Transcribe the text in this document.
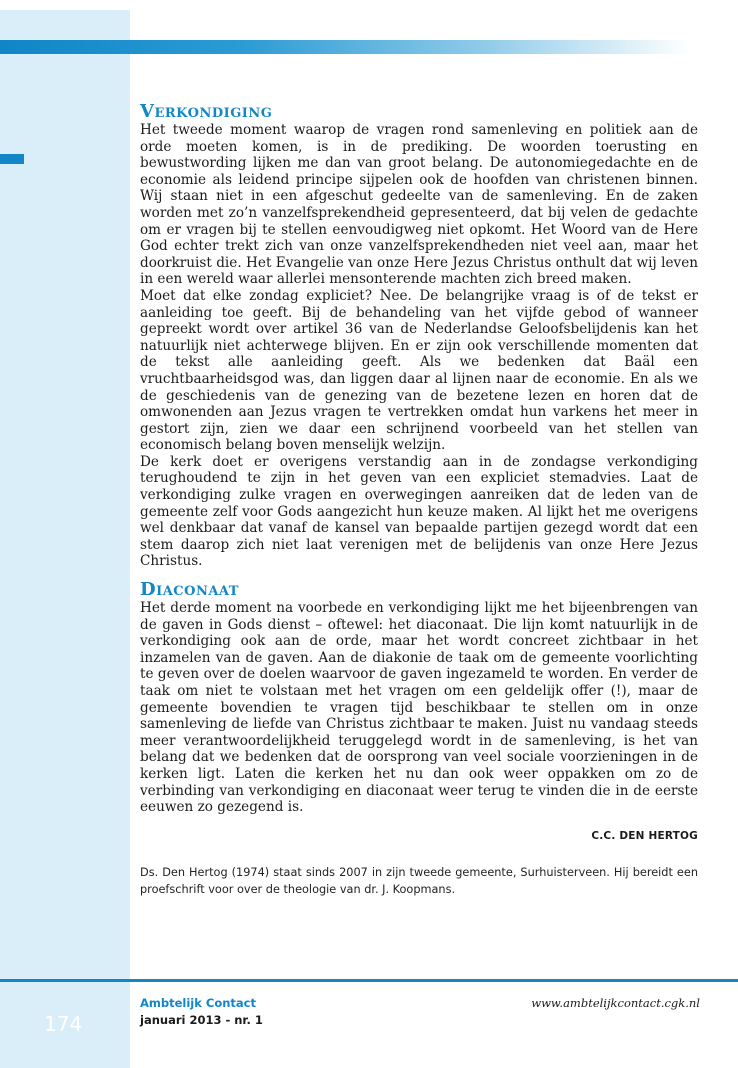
Verkondiging

Het tweede moment waarop de vragen rond samenleving en politiek aan de orde moeten komen, is in de prediking. De woorden toerusting en bewustwording lijken me dan van groot belang. De autonomiegedachte en de economie als leidend principe sijpelen ook de hoofden van christenen binnen. Wij staan niet in een afgeschut gedeelte van de samenleving. En de zaken worden met zo’n vanzelfsprekendheid gepresenteerd, dat bij velen de gedachte om er vragen bij te stellen eenvoudigweg niet opkomt. Het Woord van de Here God echter trekt zich van onze vanzelfsprekendheden niet veel aan, maar het doorkruist die. Het Evangelie van onze Here Jezus Christus onthult dat wij leven in een wereld waar allerlei mensonterende machten zich breed maken.

Moet dat elke zondag expliciet? Nee. De belangrijke vraag is of de tekst er aanleiding toe geeft. Bij de behandeling van het vijfde gebod of wanneer gepreekt wordt over artikel 36 van de Nederlandse Geloofsbelijdenis kan het natuurlijk niet achterwege blijven. En er zijn ook verschillende momenten dat de tekst alle aanleiding geeft. Als we bedenken dat Baäl een vruchtbaarheidsgod was, dan liggen daar al lijnen naar de economie. En als we de geschiedenis van de genezing van de bezetene lezen en horen dat de omwonenden aan Jezus vragen te vertrekken omdat hun varkens het meer in gestort zijn, zien we daar een schrijnend voorbeeld van het stellen van economisch belang boven menselijk welzijn.

De kerk doet er overigens verstandig aan in de zondagse verkondiging terughoudend te zijn in het geven van een expliciet stemadvies. Laat de verkondiging zulke vragen en overwegingen aanreiken dat de leden van de gemeente zelf voor Gods aangezicht hun keuze maken. Al lijkt het me overigens wel denkbaar dat vanaf de kansel van bepaalde partijen gezegd wordt dat een stem daarop zich niet laat verenigen met de belijdenis van onze Here Jezus Christus.

Diaconaat

Het derde moment na voorbede en verkondiging lijkt me het bijeenbrengen van de gaven in Gods dienst – oftewel: het diaconaat. Die lijn komt natuurlijk in de verkondiging ook aan de orde, maar het wordt concreet zichtbaar in het inzamelen van de gaven. Aan de diakonie de taak om de gemeente voorlichting te geven over de doelen waarvoor de gaven ingezameld te worden. En verder de taak om niet te volstaan met het vragen om een geldelijk offer (!), maar de gemeente bovendien te vragen tijd beschikbaar te stellen om in onze samenleving de liefde van Christus zichtbaar te maken. Juist nu vandaag steeds meer verantwoordelijkheid teruggelegd wordt in de samenleving, is het van belang dat we bedenken dat de oorsprong van veel sociale voorzieningen in de kerken ligt. Laten die kerken het nu dan ook weer oppakken om zo de verbinding van verkondiging en diaconaat weer terug te vinden die in de eerste eeuwen zo gezegend is.

C.C. DEN HERTOG

Ds. Den Hertog (1974) staat sinds 2007 in zijn tweede gemeente, Surhuisterveen. Hij bereidt een proefschrift voor over de theologie van dr. J. Koopmans.

174
Ambtelijk Contact
januari 2013 - nr. 1
www.ambtelijkcontact.cgk.nl
